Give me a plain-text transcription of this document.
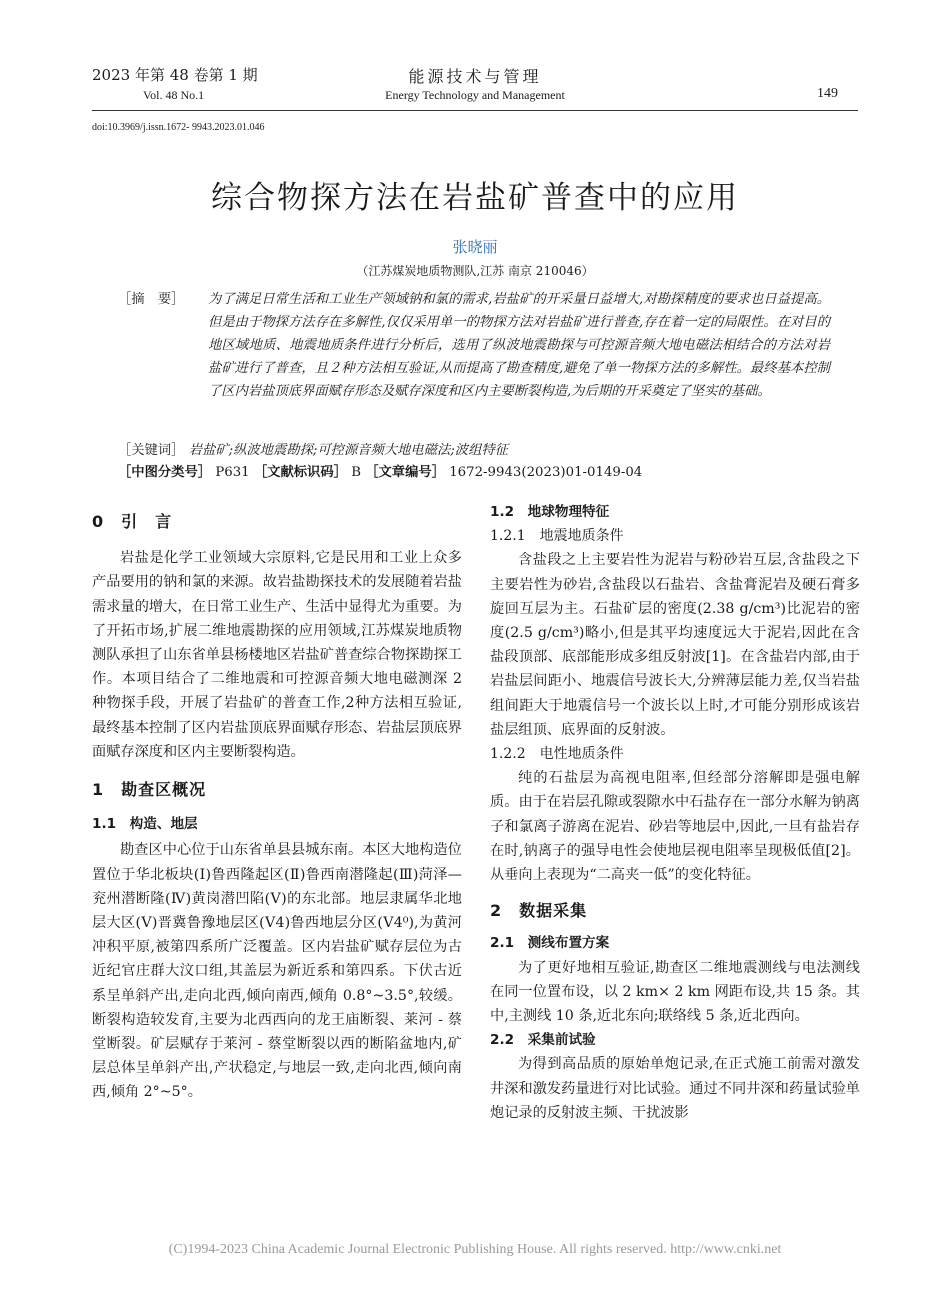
2023 年第 48 卷第 1 期
Vol. 48 No.1
能源技术与管理
Energy Technology and Management	149
doi:10.3969/j.issn.1672- 9943.2023.01.046
综合物探方法在岩盐矿普查中的应用
张晓丽
（江苏煤炭地质物测队,江苏 南京 210046）
［摘　要］ 为了满足日常生活和工业生产领域钠和氯的需求,岩盐矿的开采量日益增大,对勘探精度的要求也日益提高。但是由于物探方法存在多解性,仅仅采用单一的物探方法对岩盐矿进行普查,存在着一定的局限性。在对目的地区域地质、地震地质条件进行分析后，选用了纵波地震勘探与可控源音频大地电磁法相结合的方法对岩盐矿进行了普查，且２种方法相互验证,从而提高了勘查精度,避免了单一物探方法的多解性。最终基本控制了区内岩盐顶底界面赋存形态及赋存深度和区内主要断裂构造,为后期的开采奠定了坚实的基础。
［关键词］ 岩盐矿;纵波地震勘探;可控源音频大地电磁法;波组特征
［中图分类号］ P631 ［文献标识码］ B ［文章编号］ 1672-9943(2023)01-0149-04
0　引　言
岩盐是化学工业领域大宗原料,它是民用和工业上众多产品要用的钠和氯的来源。故岩盐勘探技术的发展随着岩盐需求量的增大，在日常工业生产、生活中显得尤为重要。为了开拓市场,扩展二维地震勘探的应用领域,江苏煤炭地质物测队承担了山东省单县杨楼地区岩盐矿普查综合物探勘探工作。本项目结合了二维地震和可控源音频大地电磁测深 2 种物探手段，开展了岩盐矿的普查工作,2种方法相互验证,最终基本控制了区内岩盐顶底界面赋存形态、岩盐层顶底界面赋存深度和区内主要断裂构造。
1　勘查区概况
1.1　构造、地层
勘查区中心位于山东省单县县城东南。本区大地构造位置位于华北板块(Ⅰ)鲁西隆起区(Ⅱ)鲁西南潜隆起(Ⅲ)菏泽—兖州潜断隆(Ⅳ)黄岗潜凹陷(Ⅴ)的东北部。地层隶属华北地层大区(Ⅴ)晋冀鲁豫地层区(Ⅴ4)鲁西地层分区(Ⅴ4⁰),为黄河冲积平原,被第四系所广泛覆盖。区内岩盐矿赋存层位为古近纪官庄群大汶口组,其盖层为新近系和第四系。下伏古近系呈单斜产出,走向北西,倾向南西,倾角 0.8°~3.5°,较缓。断裂构造较发育,主要为北西西向的龙王庙断裂、莱河 - 蔡堂断裂。矿层赋存于莱河 - 蔡堂断裂以西的断陷盆地内,矿层总体呈单斜产出,产状稳定,与地层一致,走向北西,倾向南西,倾角 2°~5°。
1.2　地球物理特征
1.2.1　地震地质条件
含盐段之上主要岩性为泥岩与粉砂岩互层,含盐段之下主要岩性为砂岩,含盐段以石盐岩、含盐膏泥岩及硬石膏多旋回互层为主。石盐矿层的密度(2.38 g/cm³)比泥岩的密度(2.5 g/cm³)略小,但是其平均速度远大于泥岩,因此在含盐段顶部、底部能形成多组反射波[1]。在含盐岩内部,由于岩盐层间距小、地震信号波长大,分辨薄层能力差,仅当岩盐组间距大于地震信号一个波长以上时,才可能分别形成该岩盐层组顶、底界面的反射波。
1.2.2　电性地质条件
纯的石盐层为高视电阻率,但经部分溶解即是强电解质。由于在岩层孔隙或裂隙水中石盐存在一部分水解为钠离子和氯离子游离在泥岩、砂岩等地层中,因此,一旦有盐岩存在时,钠离子的强导电性会使地层视电阻率呈现极低值[2]。从垂向上表现为“二高夹一低”的变化特征。
2　数据采集
2.1　测线布置方案
为了更好地相互验证,勘查区二维地震测线与电法测线在同一位置布设，以 2 km× 2 km 网距布设,共 15 条。其中,主测线 10 条,近北东向;联络线 5 条,近北西向。
2.2　采集前试验
为得到高品质的原始单炮记录,在正式施工前需对激发井深和激发药量进行对比试验。通过不同井深和药量试验单炮记录的反射波主频、干扰波影
(C)1994-2023 China Academic Journal Electronic Publishing House. All rights reserved. http://www.cnki.net
